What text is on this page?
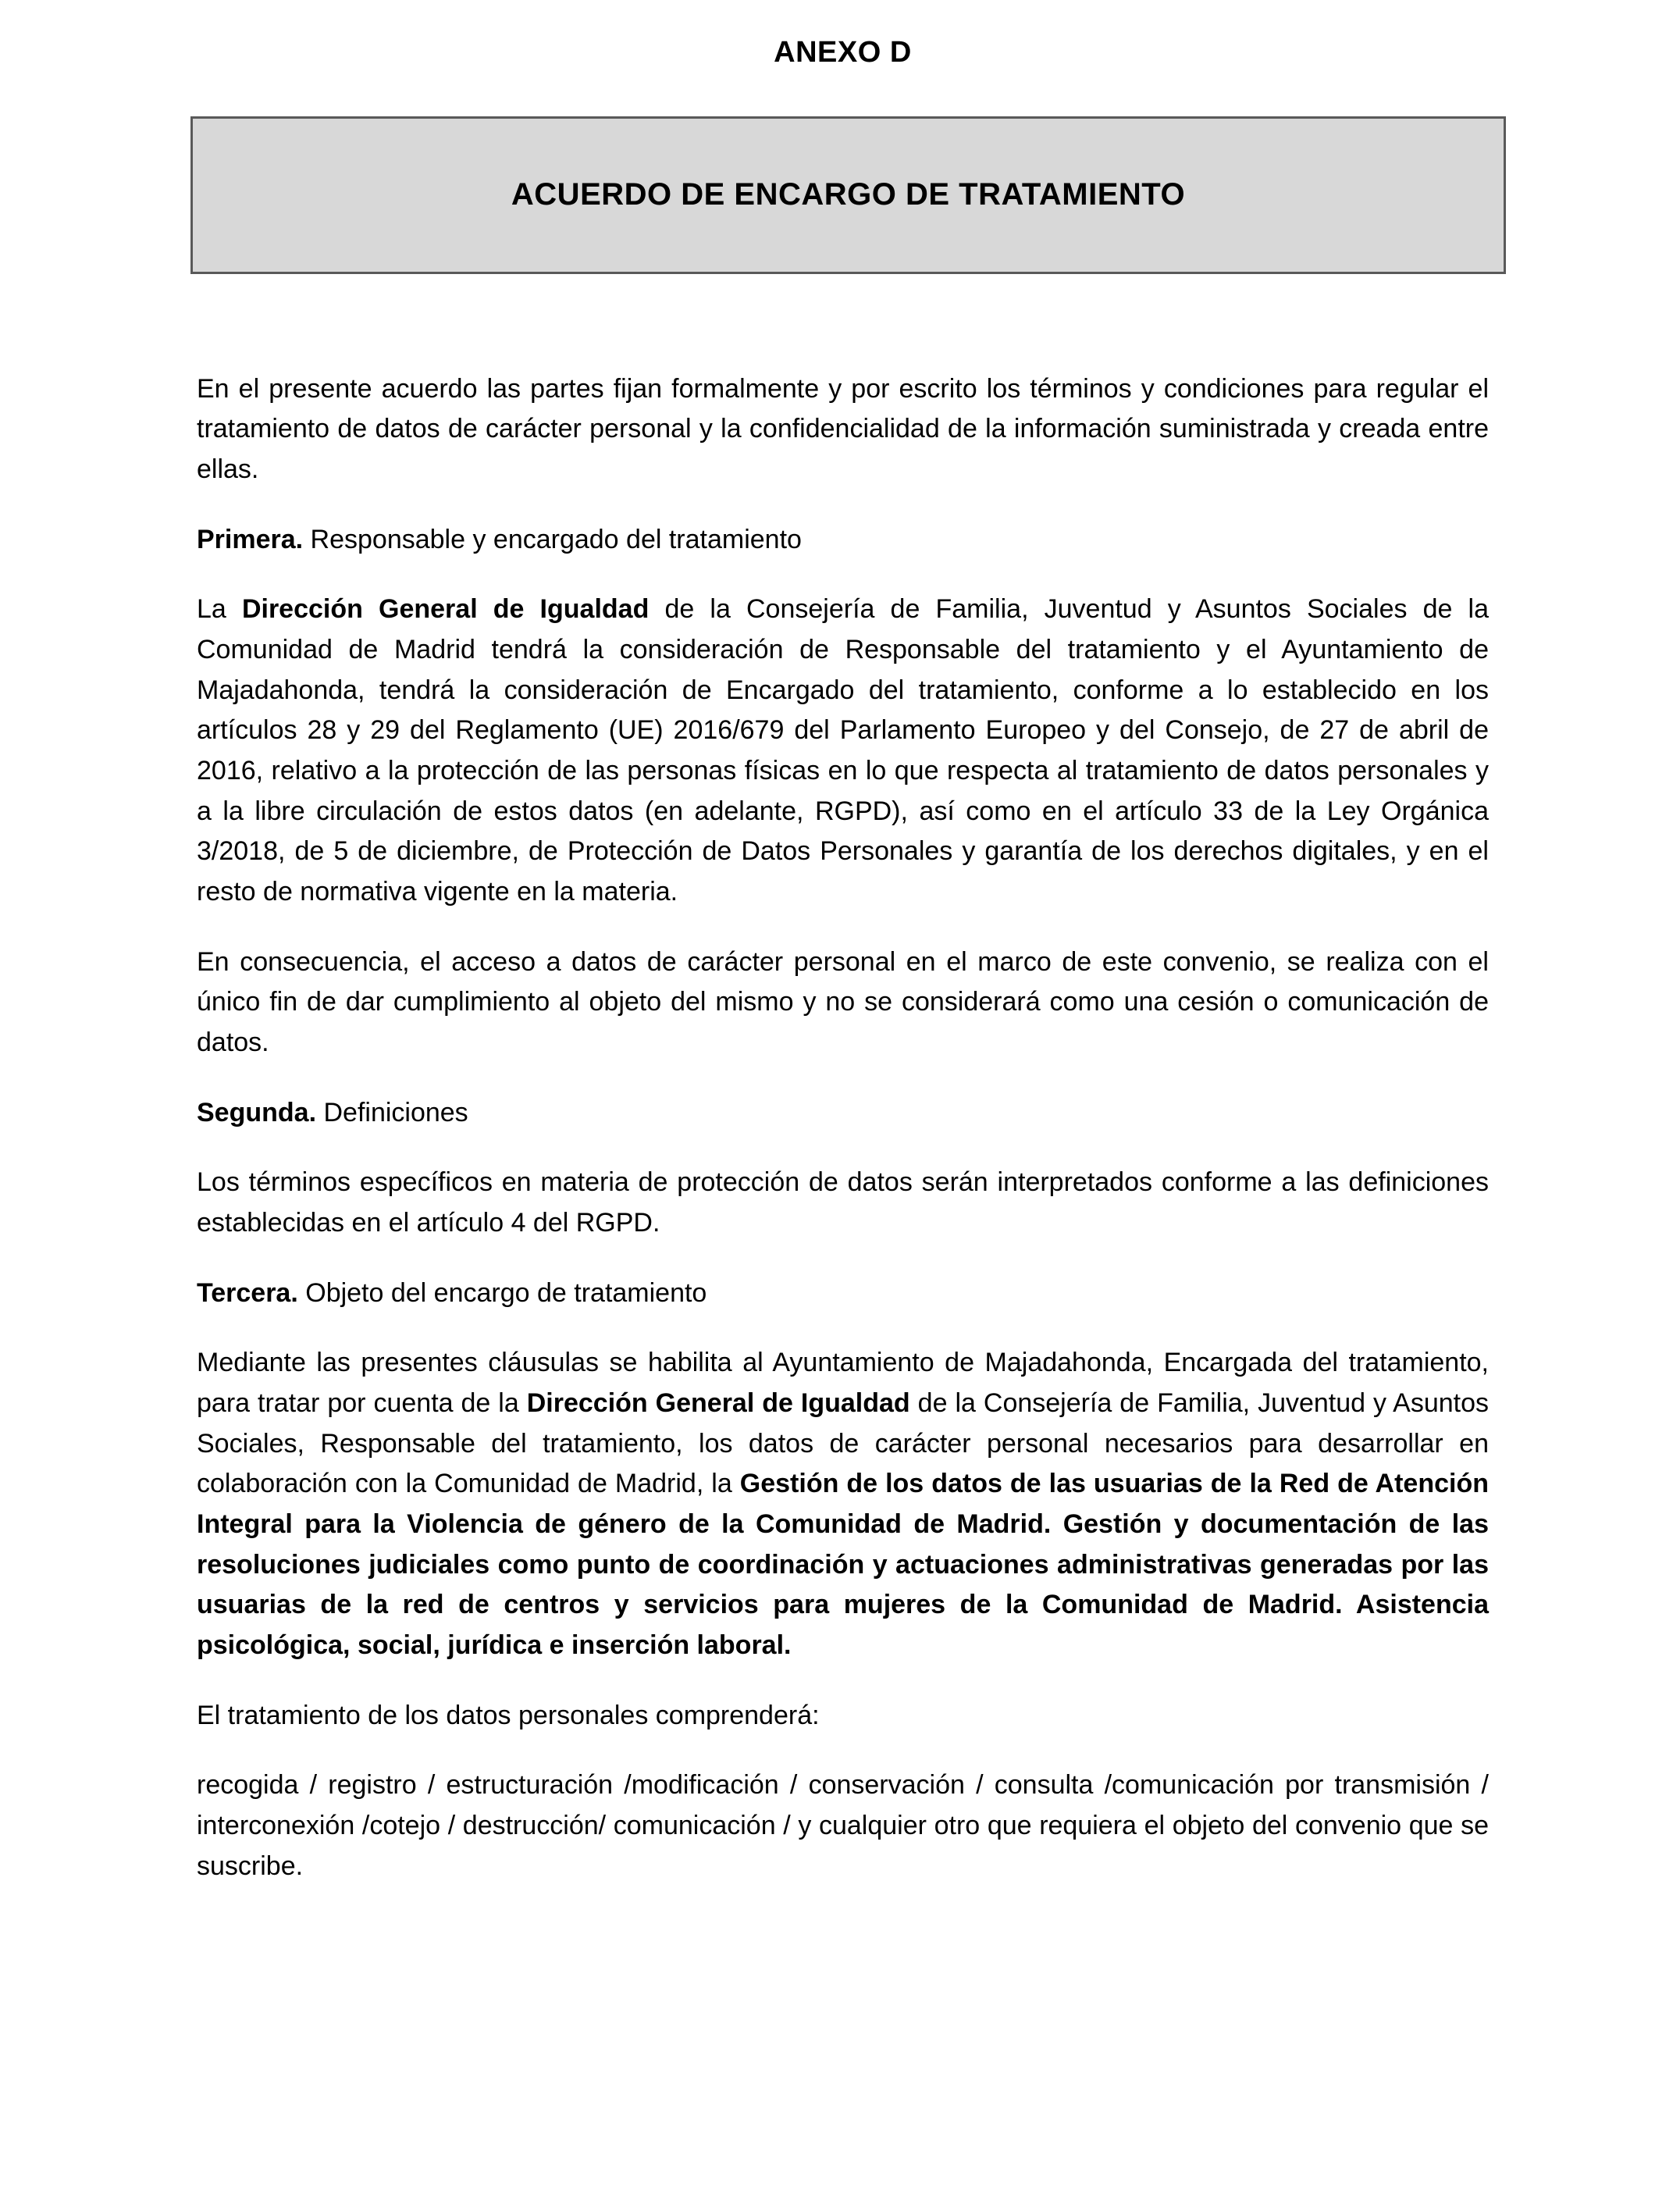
ANEXO D
ACUERDO DE ENCARGO DE TRATAMIENTO

En el presente acuerdo las partes fijan formalmente y por escrito los términos y condiciones para regular el tratamiento de datos de carácter personal y la confidencialidad de la información suministrada y creada entre ellas.

Primera. Responsable y encargado del tratamiento

La Dirección General de Igualdad de la Consejería de Familia, Juventud y Asuntos Sociales de la Comunidad de Madrid tendrá la consideración de Responsable del tratamiento y el Ayuntamiento de Majadahonda, tendrá la consideración de Encargado del tratamiento, conforme a lo establecido en los artículos 28 y 29 del Reglamento (UE) 2016/679 del Parlamento Europeo y del Consejo, de 27 de abril de 2016, relativo a la protección de las personas físicas en lo que respecta al tratamiento de datos personales y a la libre circulación de estos datos (en adelante, RGPD), así como en el artículo 33 de la Ley Orgánica 3/2018, de 5 de diciembre, de Protección de Datos Personales y garantía de los derechos digitales, y en el resto de normativa vigente en la materia.

En consecuencia, el acceso a datos de carácter personal en el marco de este convenio, se realiza con el único fin de dar cumplimiento al objeto del mismo y no se considerará como una cesión o comunicación de datos.

Segunda. Definiciones

Los términos específicos en materia de protección de datos serán interpretados conforme a las definiciones establecidas en el artículo 4 del RGPD.

Tercera. Objeto del encargo de tratamiento

Mediante las presentes cláusulas se habilita al Ayuntamiento de Majadahonda, Encargada del tratamiento, para tratar por cuenta de la Dirección General de Igualdad de la Consejería de Familia, Juventud y Asuntos Sociales, Responsable del tratamiento, los datos de carácter personal necesarios para desarrollar en colaboración con la Comunidad de Madrid, la Gestión de los datos de las usuarias de la Red de Atención Integral para la Violencia de género de la Comunidad de Madrid. Gestión y documentación de las resoluciones judiciales como punto de coordinación y actuaciones administrativas generadas por las usuarias de la red de centros y servicios para mujeres de la Comunidad de Madrid. Asistencia psicológica, social, jurídica e inserción laboral.

El tratamiento de los datos personales comprenderá:

recogida / registro / estructuración /modificación / conservación / consulta /comunicación por transmisión / interconexión /cotejo / destrucción/ comunicación / y cualquier otro que requiera el objeto del convenio que se suscribe.
